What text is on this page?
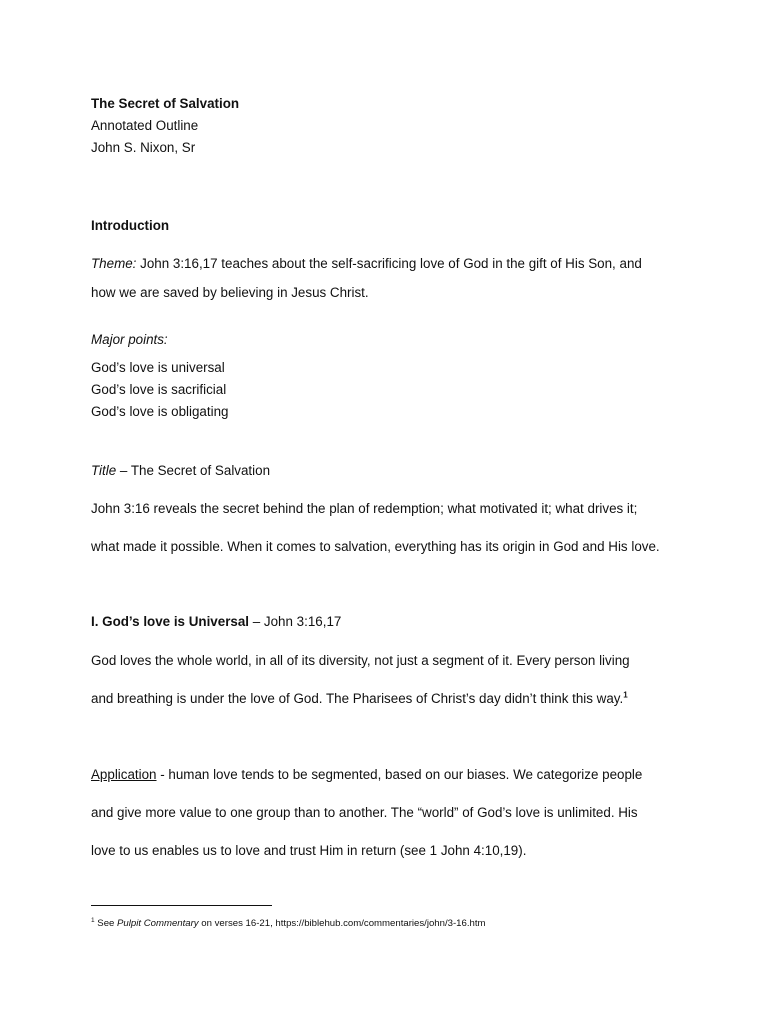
The Secret of Salvation
Annotated Outline
John S. Nixon, Sr
Introduction
Theme: John 3:16,17 teaches about the self-sacrificing love of God in the gift of His Son, and
how we are saved by believing in Jesus Christ.
Major points:
God’s love is universal
God’s love is sacrificial
God’s love is obligating
Title – The Secret of Salvation
John 3:16 reveals the secret behind the plan of redemption; what motivated it; what drives it;
what made it possible. When it comes to salvation, everything has its origin in God and His love.
I. God’s love is Universal – John 3:16,17
God loves the whole world, in all of its diversity, not just a segment of it. Every person living
and breathing is under the love of God. The Pharisees of Christ’s day didn’t think this way.$^1$
Application - human love tends to be segmented, based on our biases. We categorize people
and give more value to one group than to another. The “world” of God’s love is unlimited. His
love to us enables us to love and trust Him in return (see 1 John 4:10,19).
$^1$ See Pulpit Commentary on verses 16-21, https://biblehub.com/commentaries/john/3-16.htm
